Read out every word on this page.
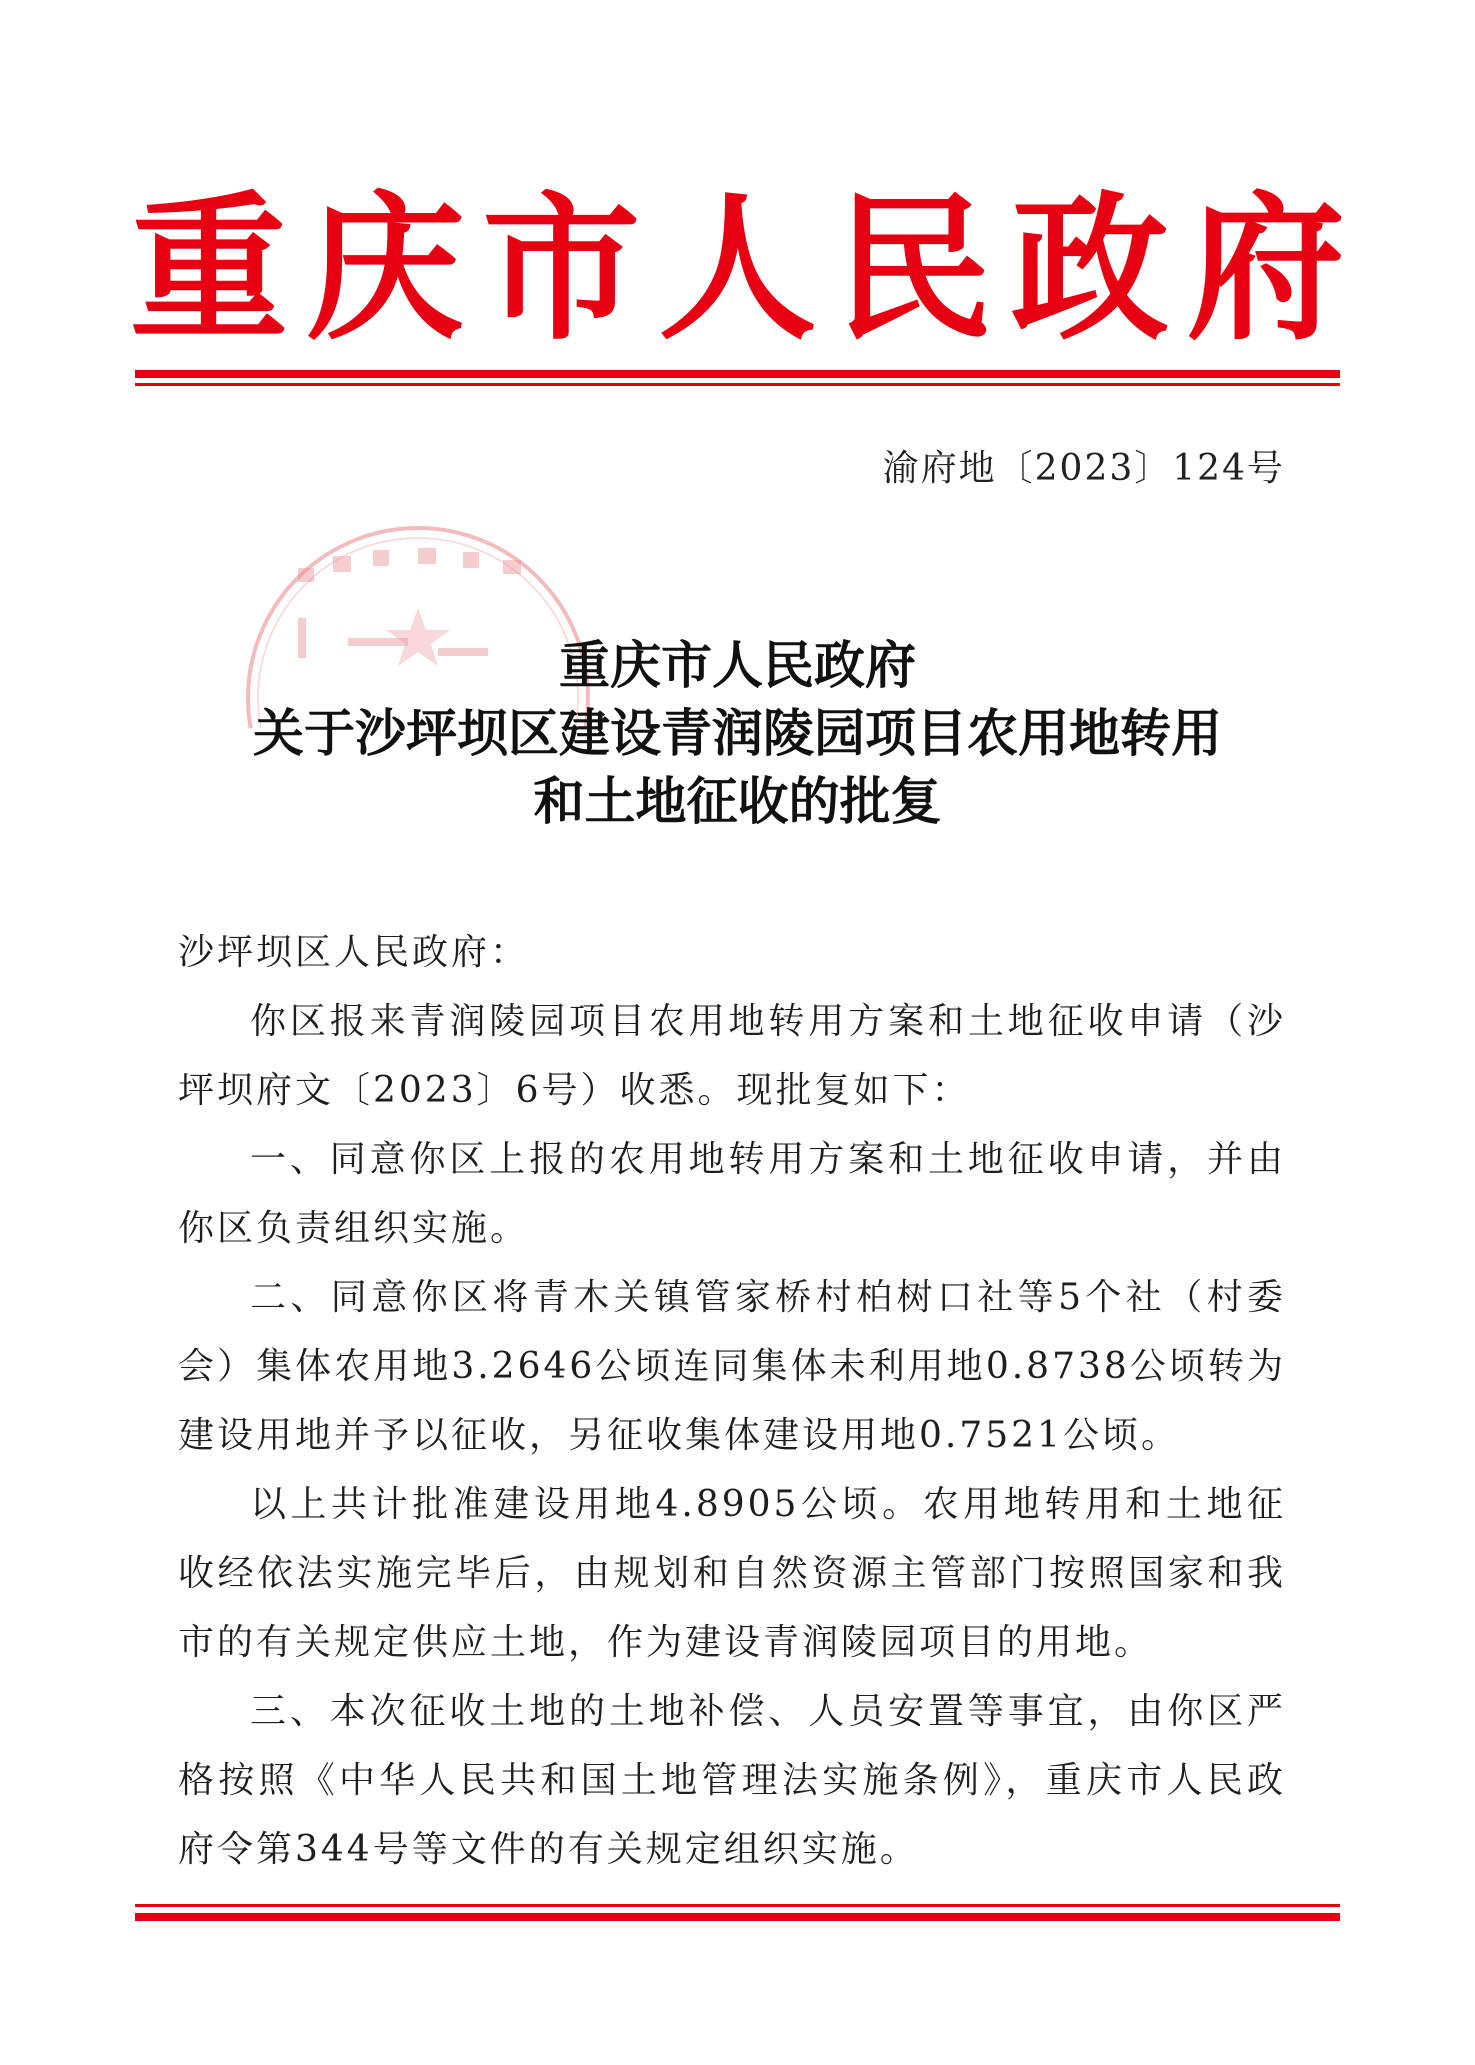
重 庆 市 人 民 政 府
渝府地〔2023〕124号
重庆市人民政府
关于沙坪坝区建设青润陵园项目农用地转用
和土地征收的批复

沙坪坝区人民政府：

你区报来青润陵园项目农用地转用方案和土地征收申请（沙坪坝府文〔2023〕6号）收悉。现批复如下：

一、同意你区上报的农用地转用方案和土地征收申请，并由你区负责组织实施。

二、同意你区将青木关镇管家桥村柏树口社等5个社（村委会）集体农用地3.2646公顷连同集体未利用地0.8738公顷转为建设用地并予以征收，另征收集体建设用地0.7521公顷。

以上共计批准建设用地4.8905公顷。农用地转用和土地征收经依法实施完毕后，由规划和自然资源主管部门按照国家和我市的有关规定供应土地，作为建设青润陵园项目的用地。

三、本次征收土地的土地补偿、人员安置等事宜，由你区严格按照《中华人民共和国土地管理法实施条例》，重庆市人民政府令第344号等文件的有关规定组织实施。
